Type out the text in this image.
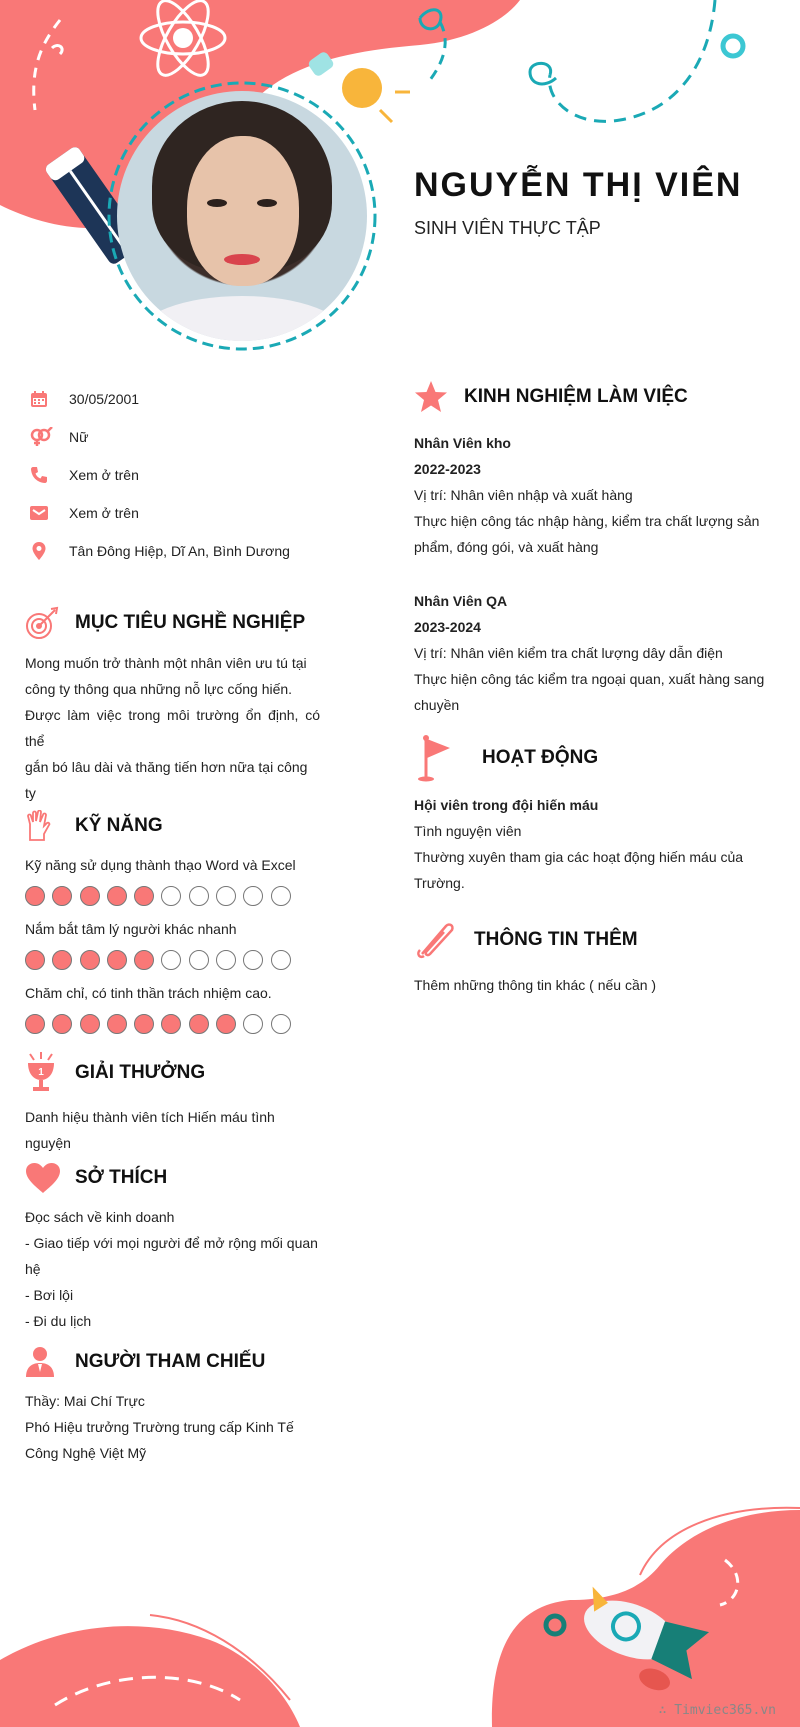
NGUYỄN THỊ VIÊN
SINH VIÊN THỰC TẬP
30/05/2001
Nữ
Xem ở trên
Xem ở trên
Tân Đông Hiệp, Dĩ An, Bình Dương
MỤC TIÊU NGHỀ NGHIỆP
Mong muốn trở thành một nhân viên ưu tú tại
công ty thông qua những nỗ lực cống hiến.
Được làm việc trong môi trường ổn định, có thể
gắn bó lâu dài và thăng tiến hơn nữa tại công
ty
KỸ NĂNG
Kỹ năng sử dụng thành thạo Word và Excel
Nắm bắt tâm lý người khác nhanh
Chăm chỉ, có tinh thần trách nhiệm cao.
1 GIẢI THƯỞNG
Danh hiệu thành viên tích Hiến máu tình
nguyện
SỞ THÍCH
Đọc sách về kinh doanh
- Giao tiếp với mọi người để mở rộng mối quan
hệ
- Bơi lội
- Đi du lịch
NGƯỜI THAM CHIẾU
Thầy: Mai Chí Trực
Phó Hiệu trưởng Trường trung cấp Kinh Tế
Công Nghệ Việt Mỹ
KINH NGHIỆM LÀM VIỆC
Nhân Viên kho
2022-2023
Vị trí: Nhân viên nhập và xuất hàng
Thực hiện công tác nhập hàng, kiểm tra chất lượng sản
phẩm, đóng gói, và xuất hàng
Nhân Viên QA
2023-2024
Vị trí: Nhân viên kiểm tra chất lượng dây dẫn điện
Thực hiện công tác kiểm tra ngoại quan, xuất hàng sang
chuyền
HOẠT ĐỘNG
Hội viên trong đội hiến máu
Tình nguyện viên
Thường xuyên tham gia các hoạt động hiến máu của
Trường.
THÔNG TIN THÊM
Thêm những thông tin khác ( nếu cần )
∴ Timviec365.vn
